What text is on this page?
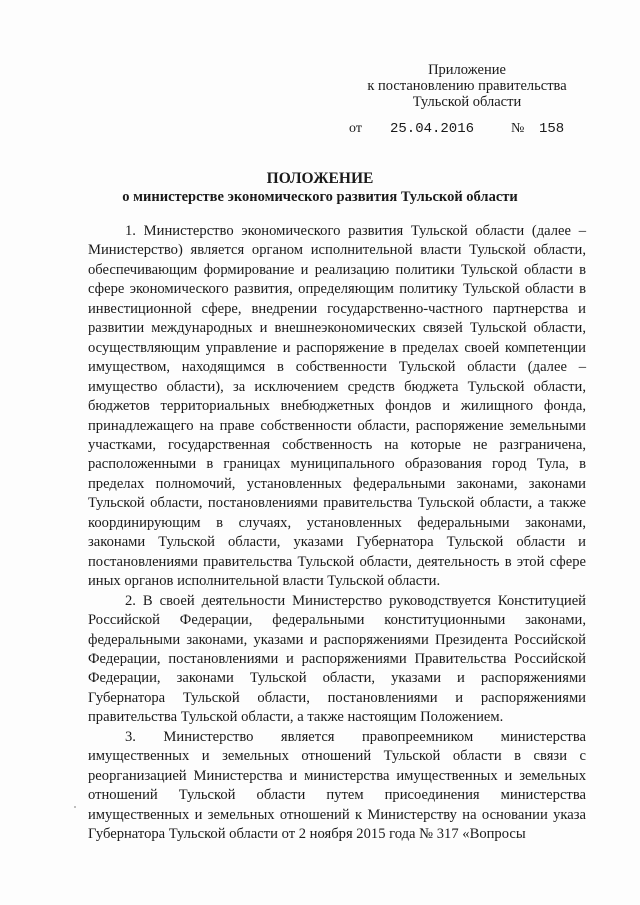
Приложение
к постановлению правительства
Тульской области
от 25.04.2016	№ 158
ПОЛОЖЕНИЕ
о министерстве экономического развития Тульской области

1. Министерство экономического развития Тульской области (далее – Министерство) является органом исполнительной власти Тульской области, обеспечивающим формирование и реализацию политики Тульской области в сфере экономического развития, определяющим политику Тульской области в инвестиционной сфере, внедрении государственно-частного партнерства и развитии международных и внешнеэкономических связей Тульской области, осуществляющим управление и распоряжение в пределах своей компетенции имуществом, находящимся в собственности Тульской области (далее – имущество области), за исключением средств бюджета Тульской области, бюджетов территориальных внебюджетных фондов и жилищного фонда, принадлежащего на праве собственности области, распоряжение земельными участками, государственная собственность на которые не разграничена, расположенными в границах муниципального образования город Тула, в пределах полномочий, установленных федеральными законами, законами Тульской области, постановлениями правительства Тульской области, а также координирующим в случаях, установленных федеральными законами, законами Тульской области, указами Губернатора Тульской области и постановлениями правительства Тульской области, деятельность в этой сфере иных органов исполнительной власти Тульской области.

2. В своей деятельности Министерство руководствуется Конституцией Российской Федерации, федеральными конституционными законами, федеральными законами, указами и распоряжениями Президента Российской Федерации, постановлениями и распоряжениями Правительства Российской Федерации, законами Тульской области, указами и распоряжениями Губернатора Тульской области, постановлениями и распоряжениями правительства Тульской области, а также настоящим Положением.

3. Министерство является правопреемником министерства имущественных и земельных отношений Тульской области в связи с реорганизацией Министерства и министерства имущественных и земельных отношений Тульской области путем присоединения министерства имущественных и земельных отношений к Министерству на основании указа Губернатора Тульской области от 2 ноября 2015 года № 317 «Вопросы
